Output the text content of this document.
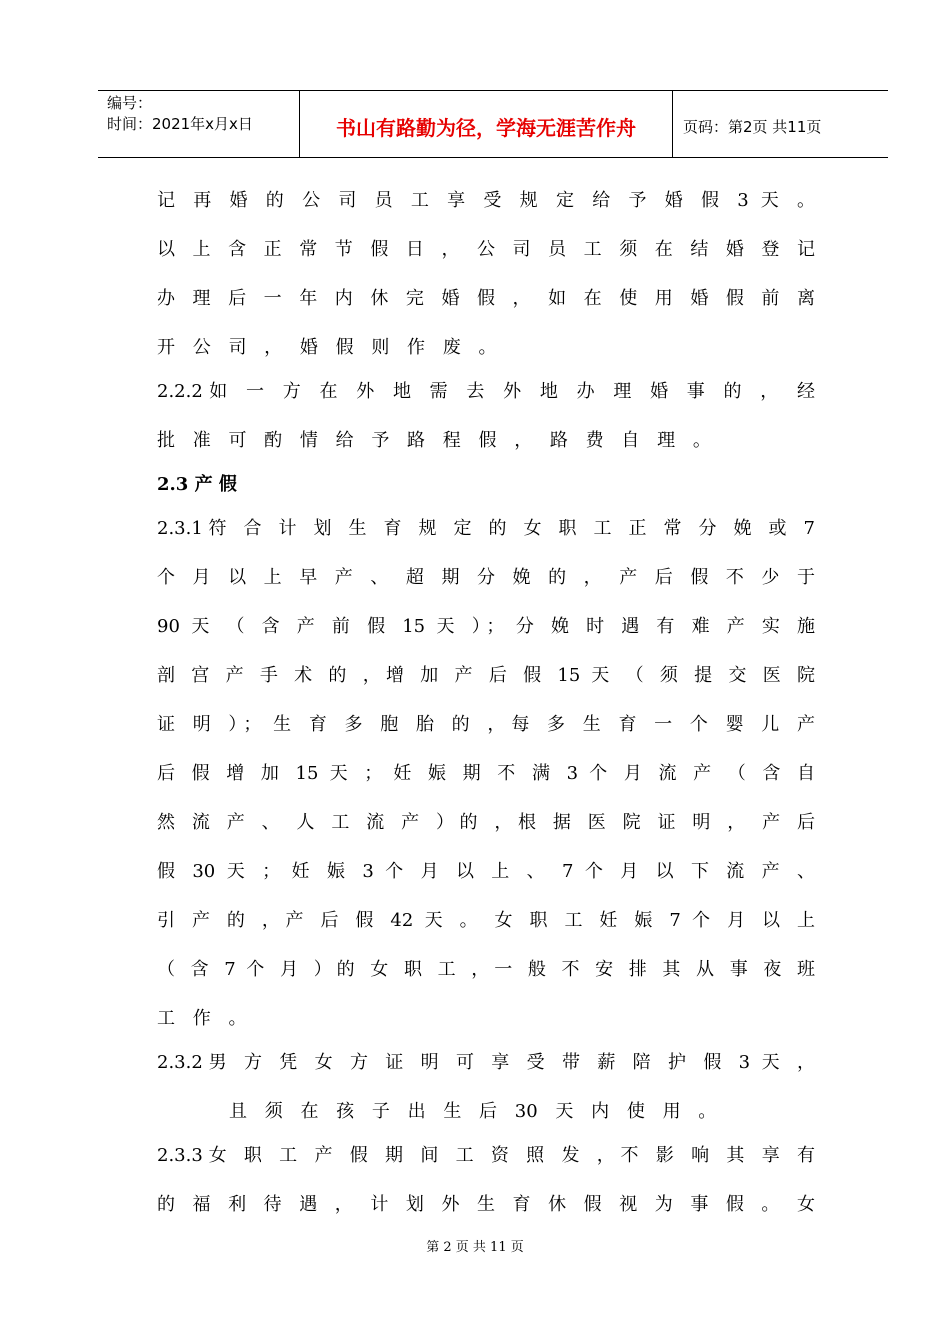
编号：
时间：2021年x月x日	书山有路勤为径，学海无涯苦作舟	页码：第2页 共11页
记 再 婚 的 公 司 员 工 享 受 规 定 给 予 婚 假 3 天 。
以 上 含 正 常 节 假 日 ， 公 司 员 工 须 在 结 婚 登 记
办 理 后 一 年 内 休 完 婚 假 ， 如 在 使 用 婚 假 前 离
开 公 司 ， 婚 假 则 作 废 。
2.2.2如 一 方 在 外 地 需 去 外 地 办 理 婚 事 的 ， 经
批 准 可 酌 情 给 予 路 程 假 ， 路 费 自 理 。
2.3 产 假
2.3.1符 合 计 划 生 育 规 定 的 女 职 工 正 常 分 娩 或 7
个 月 以 上 早 产 、 超 期 分 娩 的 ， 产 后 假 不 少 于
90 天 （ 含 产 前 假 15 天 ）； 分 娩 时 遇 有 难 产 实 施
剖 宫 产 手 术 的 ，增 加 产 后 假 15 天 （ 须 提 交 医 院
证 明 ）； 生 育 多 胞 胎 的 ，每 多 生 育 一 个 婴 儿 产
后 假 增 加 15 天 ； 妊 娠 期 不 满 3 个 月 流 产 （ 含 自
然 流 产 、 人 工 流 产 ）的 ，根 据 医 院 证 明 ， 产 后
假 30 天 ； 妊 娠 3 个 月 以 上 、 7 个 月 以 下 流 产 、
引 产 的 ，产 后 假 42 天 。 女 职 工 妊 娠 7 个 月 以 上
（ 含 7 个 月 ）的 女 职 工 ，一 般 不 安 排 其 从 事 夜 班
工 作 。
2.3.2男 方 凭 女 方 证 明 可 享 受 带 薪 陪 护 假 3 天 ，
且 须 在 孩 子 出 生 后 30 天 内 使 用 。
2.3.3女 职 工 产 假 期 间 工 资 照 发 ，不 影 响 其 享 有
的 福 利 待 遇 ， 计 划 外 生 育 休 假 视 为 事 假 。 女
第 2 页 共 11 页
